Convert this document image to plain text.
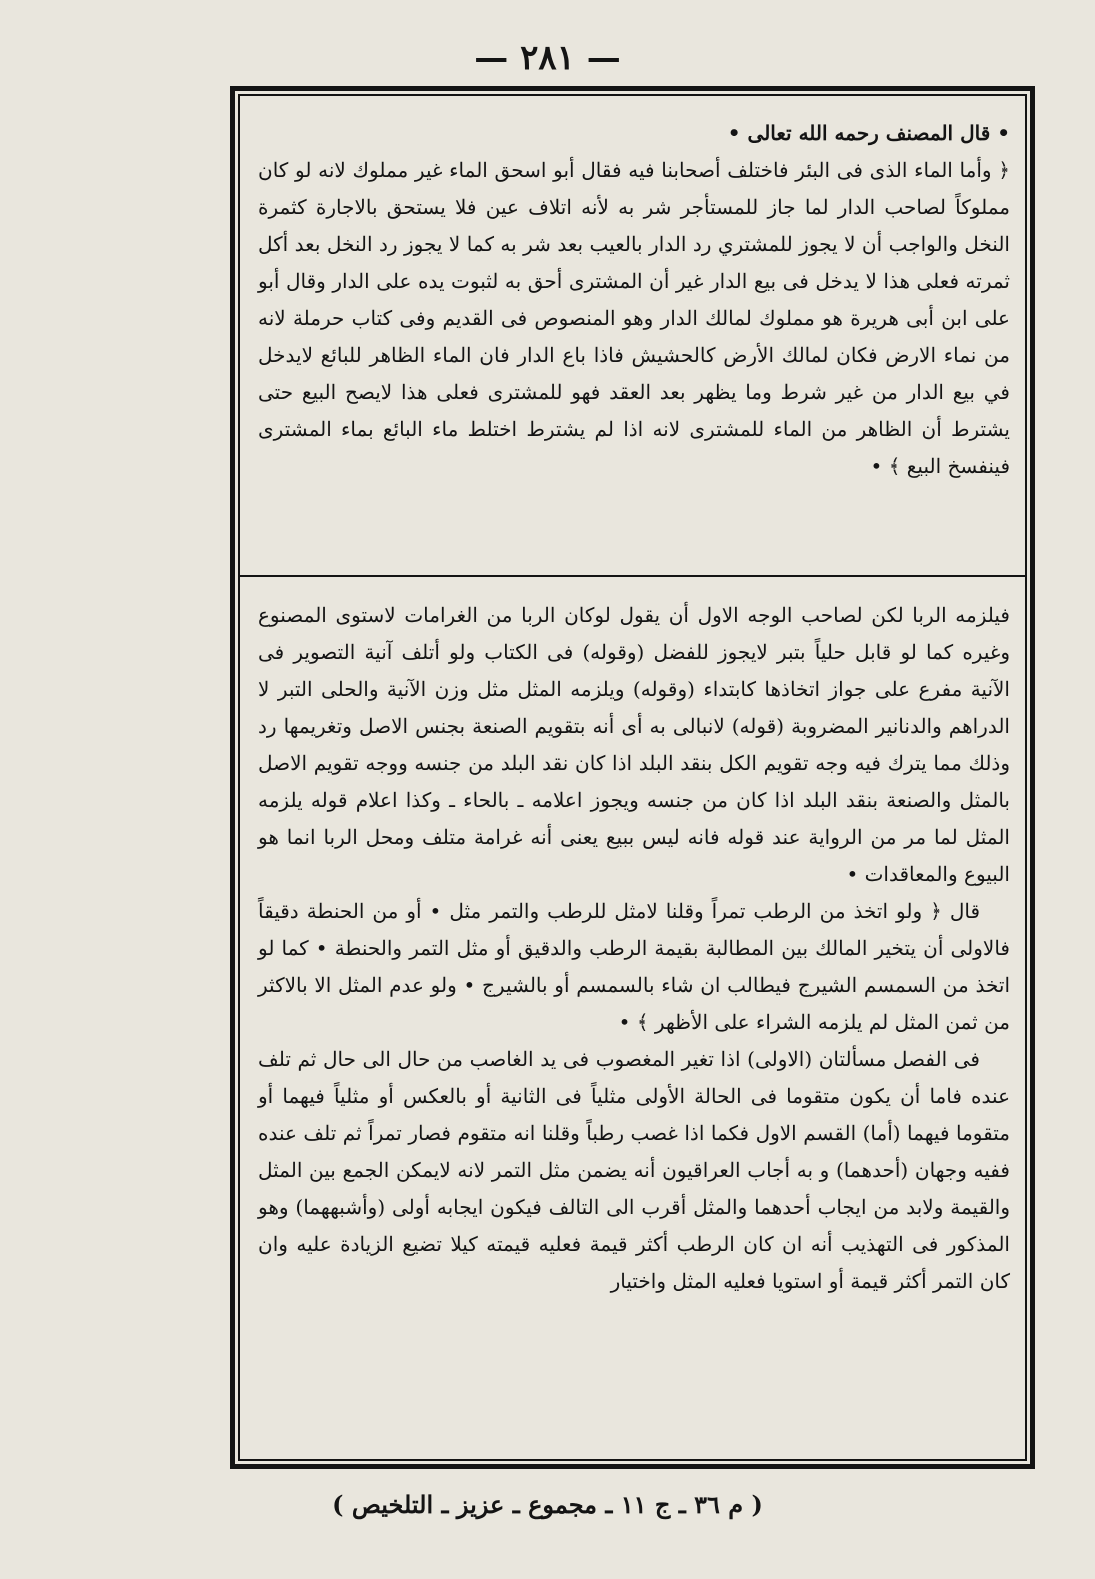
— ٢٨١ —

• قال المصنف رحمه الله تعالى •

﴿ وأما الماء الذى فى البئر فاختلف أصحابنا فيه فقال أبو اسحق الماء غير مملوك لانه لو كان مملوكاً لصاحب الدار لما جاز للمستأجر شر به لأنه اتلاف عين فلا يستحق بالاجارة كثمرة النخل والواجب أن لا يجوز للمشتري رد الدار بالعيب بعد شر به كما لا يجوز رد النخل بعد أكل ثمرته فعلى هذا لا يدخل فى بيع الدار غير أن المشترى أحق به لثبوت يده على الدار وقال أبو على ابن أبى هريرة هو مملوك لمالك الدار وهو المنصوص فى القديم وفى كتاب حرملة لانه من نماء الارض فكان لمالك الأرض كالحشيش فاذا باع الدار فان الماء الظاهر للبائع لايدخل في بيع الدار من غير شرط وما يظهر بعد العقد فهو للمشترى فعلى هذا لايصح البيع حتى يشترط أن الظاهر من الماء للمشترى لانه اذا لم يشترط اختلط ماء البائع بماء المشترى فينفسخ البيع ﴾ •

فيلزمه الربا لكن لصاحب الوجه الاول أن يقول لوكان الربا من الغرامات لاستوى المصنوع وغيره كما لو قابل حلياً بتبر لايجوز للفضل (وقوله) فى الكتاب ولو أتلف آنية التصوير فى الآنية مفرع على جواز اتخاذها كابتداء (وقوله) ويلزمه المثل مثل وزن الآنية والحلى التبر لا الدراهم والدنانير المضروبة (قوله) لانبالى به أى أنه بتقويم الصنعة بجنس الاصل وتغريمها رد وذلك مما يترك فيه وجه تقويم الكل بنقد البلد اذا كان نقد البلد من جنسه ووجه تقويم الاصل بالمثل والصنعة بنقد البلد اذا كان من جنسه ويجوز اعلامه ـ بالحاء ـ وكذا اعلام قوله يلزمه المثل لما مر من الرواية عند قوله فانه ليس ببيع يعنى أنه غرامة متلف ومحل الربا انما هو البيوع والمعاقدات •

قال ﴿ ولو اتخذ من الرطب تمراً وقلنا لامثل للرطب والتمر مثل • أو من الحنطة دقيقاً فالاولى أن يتخير المالك بين المطالبة بقيمة الرطب والدقيق أو مثل التمر والحنطة • كما لو اتخذ من السمسم الشيرج فيطالب ان شاء بالسمسم أو بالشيرج • ولو عدم المثل الا بالاكثر من ثمن المثل لم يلزمه الشراء على الأظهر ﴾ •

فى الفصل مسألتان (الاولى) اذا تغير المغصوب فى يد الغاصب من حال الى حال ثم تلف عنده فاما أن يكون متقوما فى الحالة الأولى مثلياً فى الثانية أو بالعكس أو مثلياً فيهما أو متقوما فيهما (أما) القسم الاول فكما اذا غصب رطباً وقلنا انه متقوم فصار تمراً ثم تلف عنده ففيه وجهان (أحدهما) و به أجاب العراقيون أنه يضمن مثل التمر لانه لايمكن الجمع بين المثل والقيمة ولابد من ايجاب أحدهما والمثل أقرب الى التالف فيكون ايجابه أولى (وأشبههما) وهو المذكور فى التهذيب أنه ان كان الرطب أكثر قيمة فعليه قيمته كيلا تضيع الزيادة عليه وان كان التمر أكثر قيمة أو استويا فعليه المثل واختيار

( م ٣٦ ـ ج ١١ ـ مجموع ـ عزيز ـ التلخيص )
